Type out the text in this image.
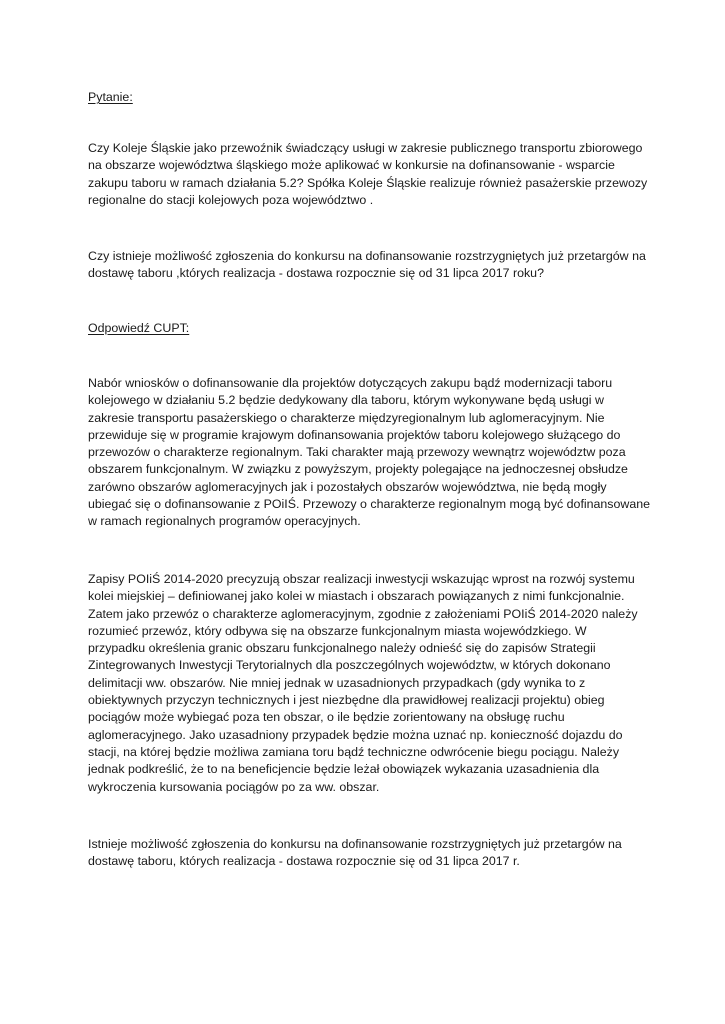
Pytanie:

Czy Koleje Śląskie jako przewoźnik świadczący usługi w zakresie publicznego transportu zbiorowego
na obszarze województwa śląskiego może aplikować w konkursie na dofinansowanie - wsparcie
zakupu taboru w ramach działania 5.2? Spółka Koleje Śląskie realizuje również pasażerskie przewozy
regionalne do stacji kolejowych poza województwo .

Czy istnieje możliwość zgłoszenia do konkursu na dofinansowanie rozstrzygniętych już przetargów na
dostawę taboru ,których realizacja - dostawa rozpocznie się od 31 lipca 2017 roku?

Odpowiedź CUPT:

Nabór wniosków o dofinansowanie dla projektów dotyczących zakupu bądź modernizacji taboru
kolejowego w działaniu 5.2 będzie dedykowany dla taboru, którym wykonywane będą usługi w
zakresie transportu pasażerskiego o charakterze międzyregionalnym lub aglomeracyjnym. Nie
przewiduje się w programie krajowym dofinansowania projektów taboru kolejowego służącego do
przewozów o charakterze regionalnym. Taki charakter mają przewozy wewnątrz województw poza
obszarem funkcjonalnym. W związku z powyższym, projekty polegające na jednoczesnej obsłudze
zarówno obszarów aglomeracyjnych jak i pozostałych obszarów województwa, nie będą mogły
ubiegać się o dofinansowanie z POiIŚ. Przewozy o charakterze regionalnym mogą być dofinansowane
w ramach regionalnych programów operacyjnych.

Zapisy POIiŚ 2014-2020 precyzują obszar realizacji inwestycji wskazując wprost na rozwój systemu
kolei miejskiej – definiowanej jako kolei w miastach i obszarach powiązanych z nimi funkcjonalnie.
Zatem jako przewóz o charakterze aglomeracyjnym, zgodnie z założeniami POIiŚ 2014-2020 należy
rozumieć przewóz, który odbywa się na obszarze funkcjonalnym miasta wojewódzkiego. W
przypadku określenia granic obszaru funkcjonalnego należy odnieść się do zapisów Strategii
Zintegrowanych Inwestycji Terytorialnych dla poszczególnych województw, w których dokonano
delimitacji ww. obszarów. Nie mniej jednak w uzasadnionych przypadkach (gdy wynika to z
obiektywnych przyczyn technicznych i jest niezbędne dla prawidłowej realizacji projektu) obieg
pociągów może wybiegać poza ten obszar, o ile będzie zorientowany na obsługę ruchu
aglomeracyjnego. Jako uzasadniony przypadek będzie można uznać np. konieczność dojazdu do
stacji, na której będzie możliwa zamiana toru bądź techniczne odwrócenie biegu pociągu. Należy
jednak podkreślić, że to na beneficjencie będzie leżał obowiązek wykazania uzasadnienia dla
wykroczenia kursowania pociągów po za ww. obszar.

Istnieje możliwość zgłoszenia do konkursu na dofinansowanie rozstrzygniętych już przetargów na
dostawę taboru, których realizacja - dostawa rozpocznie się od 31 lipca 2017 r.
